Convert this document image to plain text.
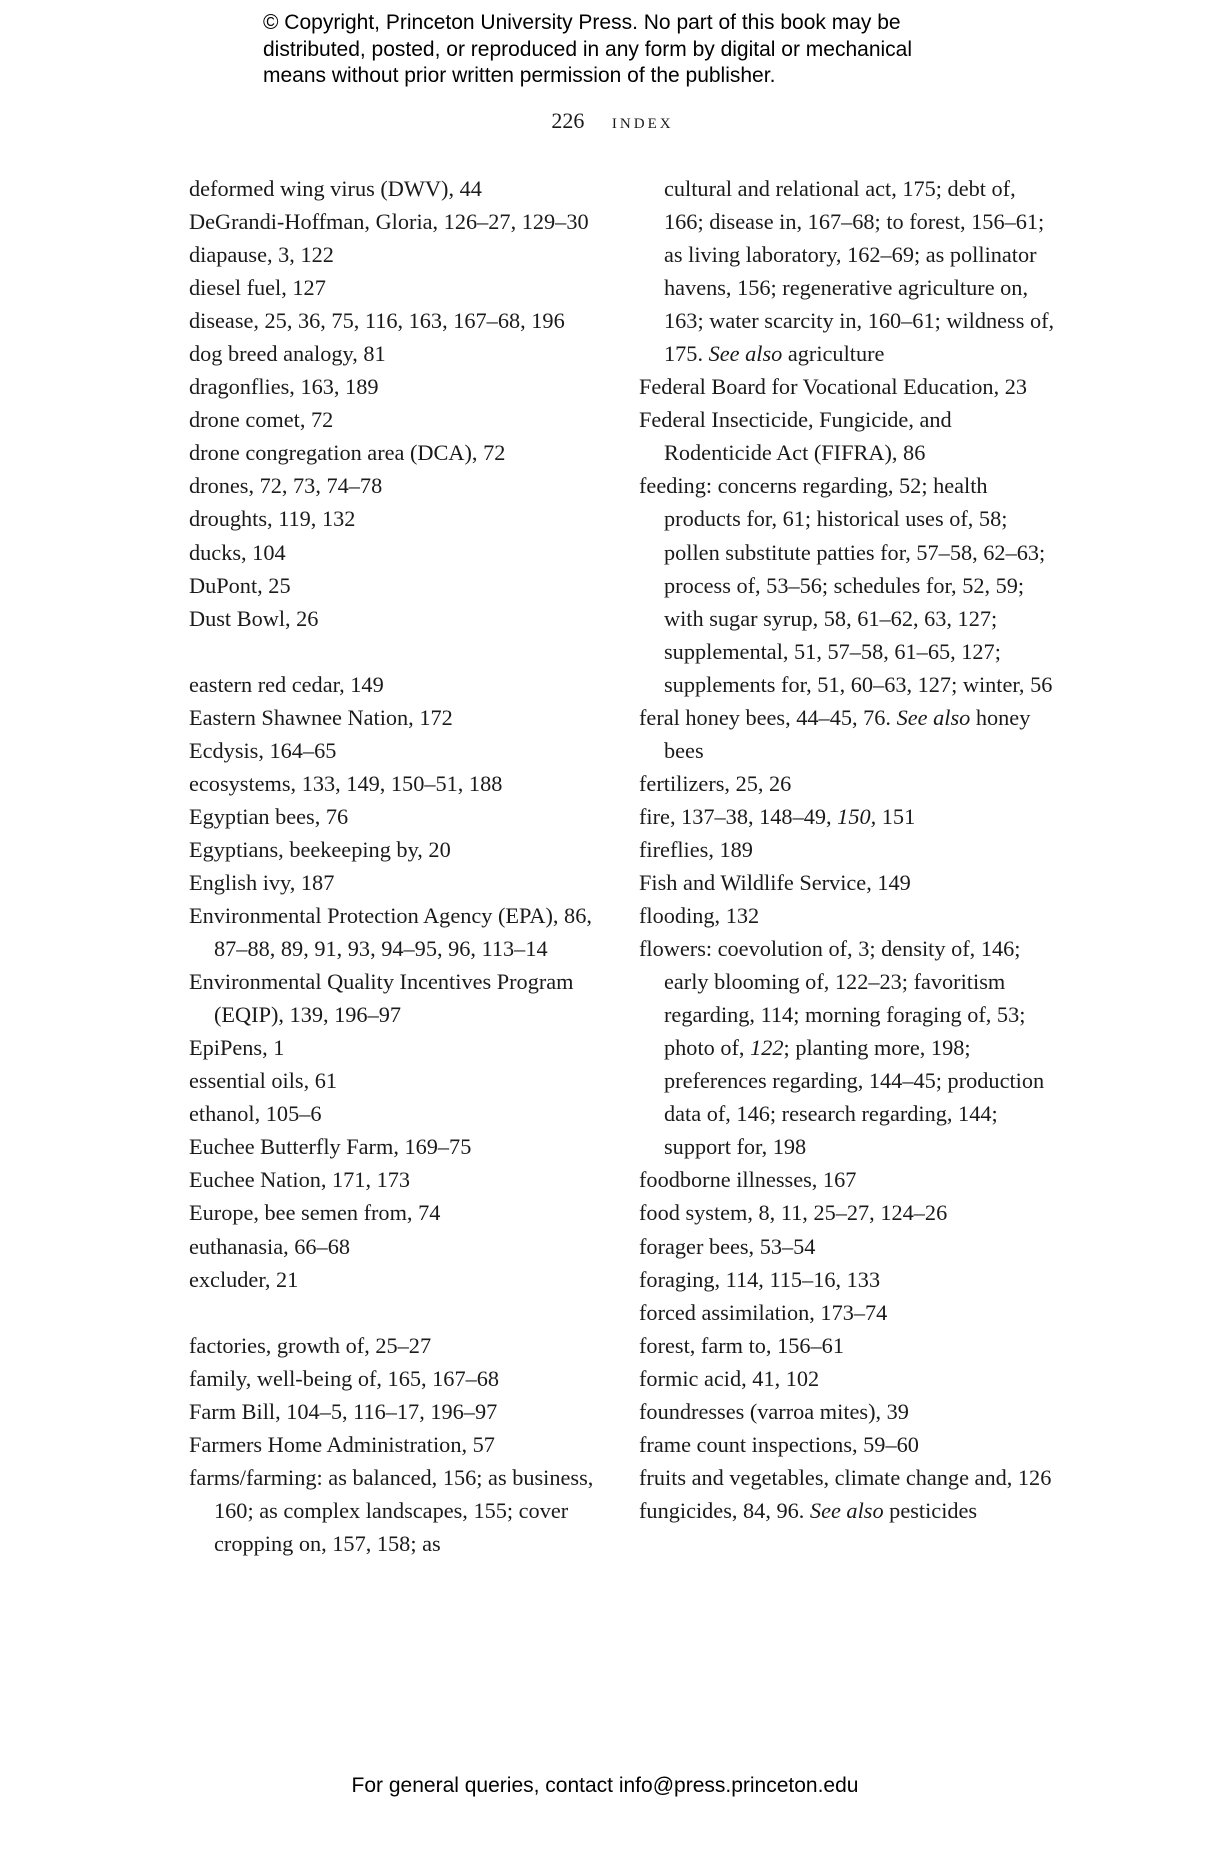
© Copyright, Princeton University Press. No part of this book may be

distributed, posted, or reproduced in any form by digital or mechanical

means without prior written permission of the publisher.

226 index
deformed wing virus (DWV), 44
DeGrandi-Hoffman, Gloria, 126–27, 129–30
diapause, 3, 122
diesel fuel, 127
disease, 25, 36, 75, 116, 163, 167–68, 196
dog breed analogy, 81
dragonflies, 163, 189
drone comet, 72
drone congregation area (DCA), 72
drones, 72, 73, 74–78
droughts, 119, 132
ducks, 104
DuPont, 25
Dust Bowl, 26
eastern red cedar, 149
Eastern Shawnee Nation, 172
Ecdysis, 164–65
ecosystems, 133, 149, 150–51, 188
Egyptian bees, 76
Egyptians, beekeeping by, 20
English ivy, 187
Environmental Protection Agency (EPA), 86, 87–88, 89, 91, 93, 94–95, 96, 113–14
Environmental Quality Incentives Program (EQIP), 139, 196–97
EpiPens, 1
essential oils, 61
ethanol, 105–6
Euchee Butterfly Farm, 169–75
Euchee Nation, 171, 173
Europe, bee semen from, 74
euthanasia, 66–68
excluder, 21
factories, growth of, 25–27
family, well-being of, 165, 167–68
Farm Bill, 104–5, 116–17, 196–97
Farmers Home Administration, 57
farms/farming: as balanced, 156; as business, 160; as complex landscapes, 155; cover cropping on, 157, 158; as
cultural and relational act, 175; debt of, 166; disease in, 167–68; to forest, 156–61; as living laboratory, 162–69; as pollinator havens, 156; regenerative agriculture on, 163; water scarcity in, 160–61; wildness of, 175. See also agriculture
Federal Board for Vocational Education, 23
Federal Insecticide, Fungicide, and Rodenticide Act (FIFRA), 86
feeding: concerns regarding, 52; health products for, 61; historical uses of, 58; pollen substitute patties for, 57–58, 62–63; process of, 53–56; schedules for, 52, 59; with sugar syrup, 58, 61–62, 63, 127; supplemental, 51, 57–58, 61–65, 127; supplements for, 51, 60–63, 127; winter, 56
feral honey bees, 44–45, 76. See also honey bees
fertilizers, 25, 26
fire, 137–38, 148–49, 150, 151
fireflies, 189
Fish and Wildlife Service, 149
flooding, 132
flowers: coevolution of, 3; density of, 146; early blooming of, 122–23; favoritism regarding, 114; morning foraging of, 53; photo of, 122; planting more, 198; preferences regarding, 144–45; production data of, 146; research regarding, 144; support for, 198
foodborne illnesses, 167
food system, 8, 11, 25–27, 124–26
forager bees, 53–54
foraging, 114, 115–16, 133
forced assimilation, 173–74
forest, farm to, 156–61
formic acid, 41, 102
foundresses (varroa mites), 39
frame count inspections, 59–60
fruits and vegetables, climate change and, 126
fungicides, 84, 96. See also pesticides
For general queries, contact info@press.princeton.edu
